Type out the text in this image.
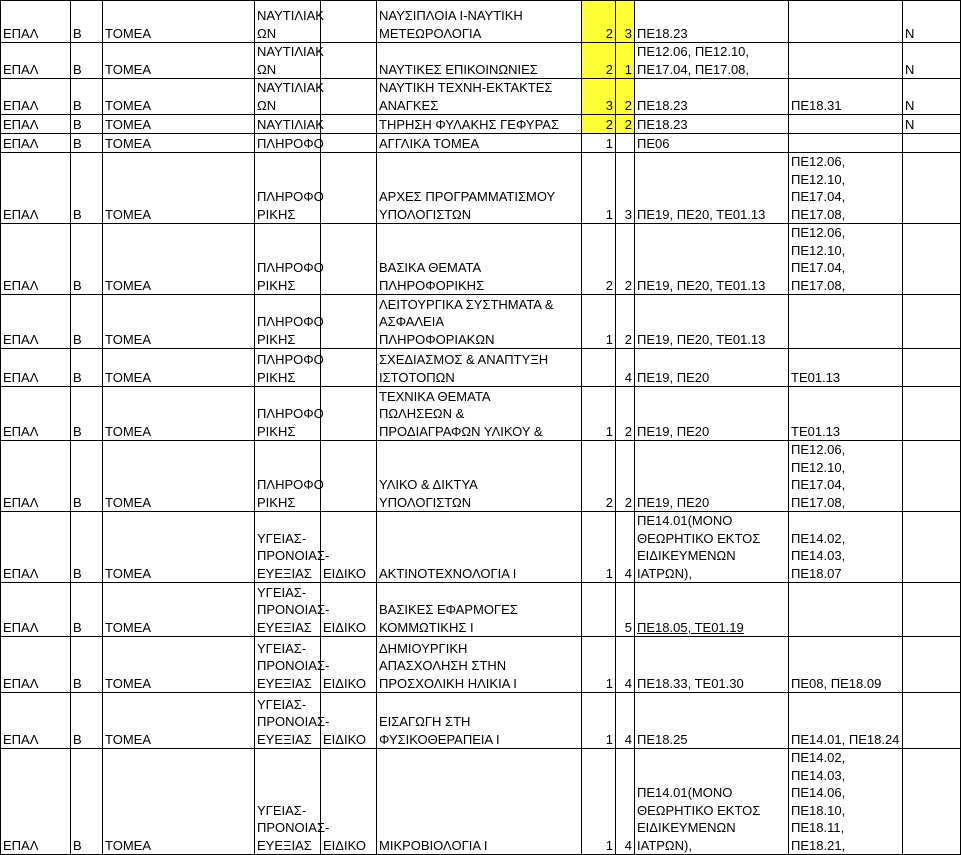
ΕΠΑΛ	Β	ΤΟΜΕΑ	ΝΑΥΤΙΛΙΑΚ
ΩΝ		ΝΑΥΣΙΠΛΟΙΑ Ι-ΝΑΥΤΙΚΗ
ΜΕΤΕΩΡΟΛΟΓΙΑ	2	3	ΠΕ18.23		Ν
ΕΠΑΛ	Β	ΤΟΜΕΑ	ΝΑΥΤΙΛΙΑΚ
ΩΝ		ΝΑΥΤΙΚΕΣ ΕΠΙΚΟΙΝΩΝΙΕΣ	2	1	ΠΕ12.06, ΠΕ12.10,
ΠΕ17.04, ΠΕ17.08,		Ν
ΕΠΑΛ	Β	ΤΟΜΕΑ	ΝΑΥΤΙΛΙΑΚ
ΩΝ		ΝΑΥΤΙΚΗ ΤΕΧΝΗ-ΕΚΤΑΚΤΕΣ
ΑΝΑΓΚΕΣ	3	2	ΠΕ18.23	ΠΕ18.31	Ν
ΕΠΑΛ	Β	ΤΟΜΕΑ	ΝΑΥΤΙΛΙΑΚ		ΤΗΡΗΣΗ ΦΥΛΑΚΗΣ ΓΕΦΥΡΑΣ	2	2	ΠΕ18.23		Ν
ΕΠΑΛ	Β	ΤΟΜΕΑ	ΠΛΗΡΟΦΟ		ΑΓΓΛΙΚΑ ΤΟΜΕΑ	1		ΠΕ06		
ΕΠΑΛ	Β	ΤΟΜΕΑ	ΠΛΗΡΟΦΟ
ΡΙΚΗΣ		ΑΡΧΕΣ ΠΡΟΓΡΑΜΜΑΤΙΣΜΟΥ
ΥΠΟΛΟΓΙΣΤΩΝ	1	3	ΠΕ19, ΠΕ20, ΤΕ01.13	ΠΕ12.06, ΠΕ12.10,
ΠΕ17.04, ΠΕ17.08,	
ΕΠΑΛ	Β	ΤΟΜΕΑ	ΠΛΗΡΟΦΟ
ΡΙΚΗΣ		ΒΑΣΙΚΑ ΘΕΜΑΤΑ
ΠΛΗΡΟΦΟΡΙΚΗΣ	2	2	ΠΕ19, ΠΕ20, ΤΕ01.13	ΠΕ12.06, ΠΕ12.10,
ΠΕ17.04, ΠΕ17.08,	
ΕΠΑΛ	Β	ΤΟΜΕΑ	ΠΛΗΡΟΦΟ
ΡΙΚΗΣ		ΛΕΙΤΟΥΡΓΙΚΑ ΣΥΣΤΗΜΑΤΑ &
ΑΣΦΑΛΕΙΑ
ΠΛΗΡΟΦΟΡΙΑΚΩΝ	1	2	ΠΕ19, ΠΕ20, ΤΕ01.13		
ΕΠΑΛ	Β	ΤΟΜΕΑ	ΠΛΗΡΟΦΟ
ΡΙΚΗΣ		ΣΧΕΔΙΑΣΜΟΣ & ΑΝΑΠΤΥΞΗ
ΙΣΤΟΤΟΠΩΝ		4	ΠΕ19, ΠΕ20	ΤΕ01.13	
ΕΠΑΛ	Β	ΤΟΜΕΑ	ΠΛΗΡΟΦΟ
ΡΙΚΗΣ		ΤΕΧΝΙΚΑ ΘΕΜΑΤΑ
ΠΩΛΗΣΕΩΝ &
ΠΡΟΔΙΑΓΡΑΦΩΝ ΥΛΙΚΟΥ &	1	2	ΠΕ19, ΠΕ20	ΤΕ01.13	
ΕΠΑΛ	Β	ΤΟΜΕΑ	ΠΛΗΡΟΦΟ
ΡΙΚΗΣ		ΥΛΙΚΟ & ΔΙΚΤΥΑ
ΥΠΟΛΟΓΙΣΤΩΝ	2	2	ΠΕ19, ΠΕ20	ΠΕ12.06, ΠΕ12.10,
ΠΕ17.04, ΠΕ17.08,	
ΕΠΑΛ	Β	ΤΟΜΕΑ	ΥΓΕΙΑΣ-
ΠΡΟΝΟΙΑΣ-
ΕΥΕΞΙΑΣ	ΕΙΔΙΚΟ	ΑΚΤΙΝΟΤΕΧΝΟΛΟΓΙΑ Ι	1	4	ΠΕ14.01(ΜΟΝΟ
ΘΕΩΡΗΤΙΚΟ ΕΚΤΟΣ
ΕΙΔΙΚΕΥΜΕΝΩΝ ΙΑΤΡΩΝ),	ΠΕ14.02, ΠΕ14.03,
ΠΕ18.07	
ΕΠΑΛ	Β	ΤΟΜΕΑ	ΥΓΕΙΑΣ-
ΠΡΟΝΟΙΑΣ-
ΕΥΕΞΙΑΣ	ΕΙΔΙΚΟ	ΒΑΣΙΚΕΣ ΕΦΑΡΜΟΓΕΣ
ΚΟΜΜΩΤΙΚΗΣ Ι		5	ΠΕ18.05, ΤΕ01.19		
ΕΠΑΛ	Β	ΤΟΜΕΑ	ΥΓΕΙΑΣ-
ΠΡΟΝΟΙΑΣ-
ΕΥΕΞΙΑΣ	ΕΙΔΙΚΟ	ΔΗΜΙΟΥΡΓΙΚΗ
ΑΠΑΣΧΟΛΗΣΗ ΣΤΗΝ
ΠΡΟΣΧΟΛΙΚΗ ΗΛΙΚΙΑ Ι	1	4	ΠΕ18.33, ΤΕ01.30	ΠΕ08, ΠΕ18.09	
ΕΠΑΛ	Β	ΤΟΜΕΑ	ΥΓΕΙΑΣ-
ΠΡΟΝΟΙΑΣ-
ΕΥΕΞΙΑΣ	ΕΙΔΙΚΟ	ΕΙΣΑΓΩΓΗ ΣΤΗ
ΦΥΣΙΚΟΘΕΡΑΠΕΙΑ Ι	1	4	ΠΕ18.25	ΠΕ14.01, ΠΕ18.24	
ΕΠΑΛ	Β	ΤΟΜΕΑ	ΥΓΕΙΑΣ-
ΠΡΟΝΟΙΑΣ-
ΕΥΕΞΙΑΣ	ΕΙΔΙΚΟ	ΜΙΚΡΟΒΙΟΛΟΓΙΑ Ι	1	4	ΠΕ14.01(ΜΟΝΟ
ΘΕΩΡΗΤΙΚΟ ΕΚΤΟΣ
ΕΙΔΙΚΕΥΜΕΝΩΝ ΙΑΤΡΩΝ),	ΠΕ14.02, ΠΕ14.03,
ΠΕ14.06, ΠΕ18.10,
ΠΕ18.11, ΠΕ18.21,	
